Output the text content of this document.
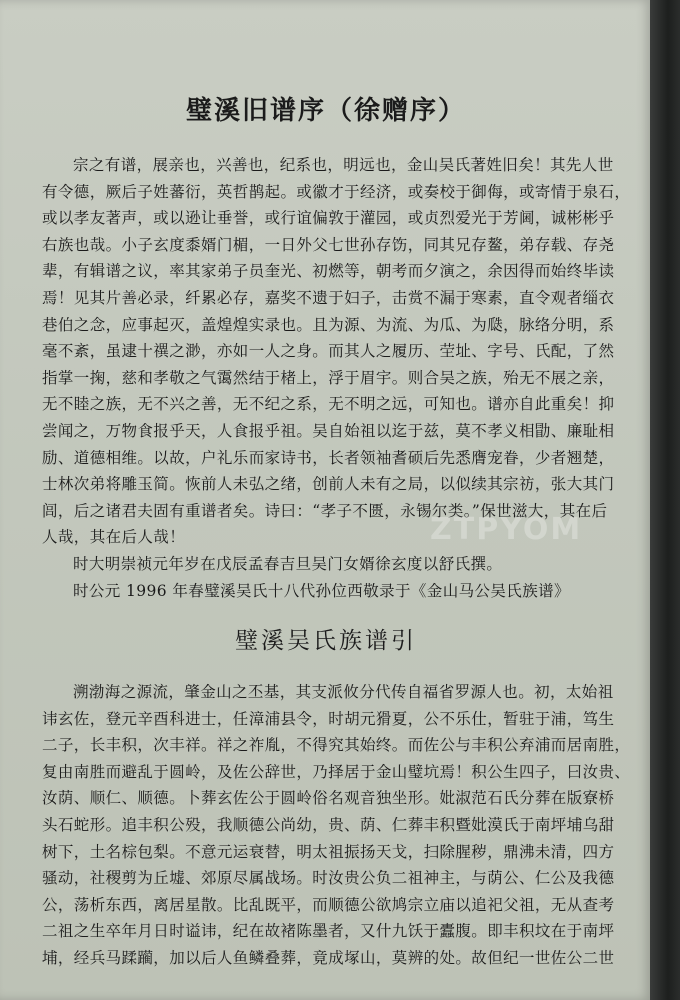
璧溪旧谱序（徐赠序）
宗之有谱，展亲也，兴善也，纪系也，明远也，金山吴氏著姓旧矣！其先人世
有令德，厥后子姓蕃衍，英哲鹊起。或徽才于经济，或奏校于御侮，或寄情于泉石，
或以孝友著声，或以逊让垂誉，或行谊偏敦于灌园，或贞烈爱光于芳阃，诚彬彬乎
右族也哉。小子玄度黍婿门楣，一日外父七世孙存饬，同其兄存鳌，弟存载、存尧
辈，有辑谱之议，率其家弟子员奎光、初燃等，朝考而夕演之，余因得而始终毕读
焉！见其片善必录，纤累必存，嘉奖不遗于妇子，击赏不漏于寒素，直令观者缁衣
巷伯之念，应事起灭，盖煌煌实录也。且为源、为流、为瓜、为瓞，脉络分明，系
毫不紊，虽逮十禩之渺，亦如一人之身。而其人之履历、茔址、字号、氏配，了然
指掌一掬，慈和孝敬之气霭然结于楮上，浮于眉宇。则合吴之族，殆无不展之亲，
无不睦之族，无不兴之善，无不纪之系，无不明之远，可知也。谱亦自此重矣！抑
尝闻之，万物食报乎天，人食报乎祖。吴自始祖以迄于兹，莫不孝义相勖、廉耻相
励、道德相维。以故，户礼乐而家诗书，长者领袖耆硕后先悉膺宠眷，少者翘楚，
士林次弟将雕玉简。恢前人未弘之绪，创前人未有之局，以似续其宗祊，张大其门
闾，后之诸君夫固有重谱者矣。诗曰：“孝子不匮，永锡尔类。”保世滋大，其在后
人哉，其在后人哉！
时大明崇祯元年岁在戊辰孟春吉旦吴门女婿徐玄度以舒氏撰。
时公元 1996 年春璧溪吴氏十八代孙位西敬录于《金山马公吴氏族谱》
璧溪吴氏族谱引
溯渤海之源流，肇金山之丕基，其支派攸分代传自福省罗源人也。初，太始祖
讳玄佐，登元辛酉科进士，任漳浦县令，时胡元猾夏，公不乐仕，暂驻于浦，笃生
二子，长丰积，次丰祥。祥之祚胤，不得究其始终。而佐公与丰积公弃浦而居南胜，
复由南胜而避乱于圆岭，及佐公辞世，乃择居于金山璧坑焉！积公生四子，曰汝贵、
汝荫、顺仁、顺德。卜葬玄佐公于圆岭俗名观音独坐形。妣淑范石氏分葬在版寮桥
头石蛇形。追丰积公殁，我顺德公尚幼，贵、荫、仁葬丰积暨妣漠氏于南坪埔乌甜
树下，土名棕包梨。不意元运衰替，明太祖振扬天戈，扫除腥秽，鼎沸未清，四方
骚动，社稷剪为丘墟、郊原尽属战场。时汝贵公负二祖神主，与荫公、仁公及我德
公，荡析东西，离居星散。比乱既平，而顺德公欲鸠宗立庙以追祀父祖，无从查考
二祖之生卒年月日时谥讳，纪在故褚陈墨者，又什九饫于蠹腹。即丰积坟在于南坪
埔，经兵马蹂躏，加以后人鱼鳞叠葬，竟成塚山，莫辨的处。故但纪一世佐公二世
ZTPYOM
